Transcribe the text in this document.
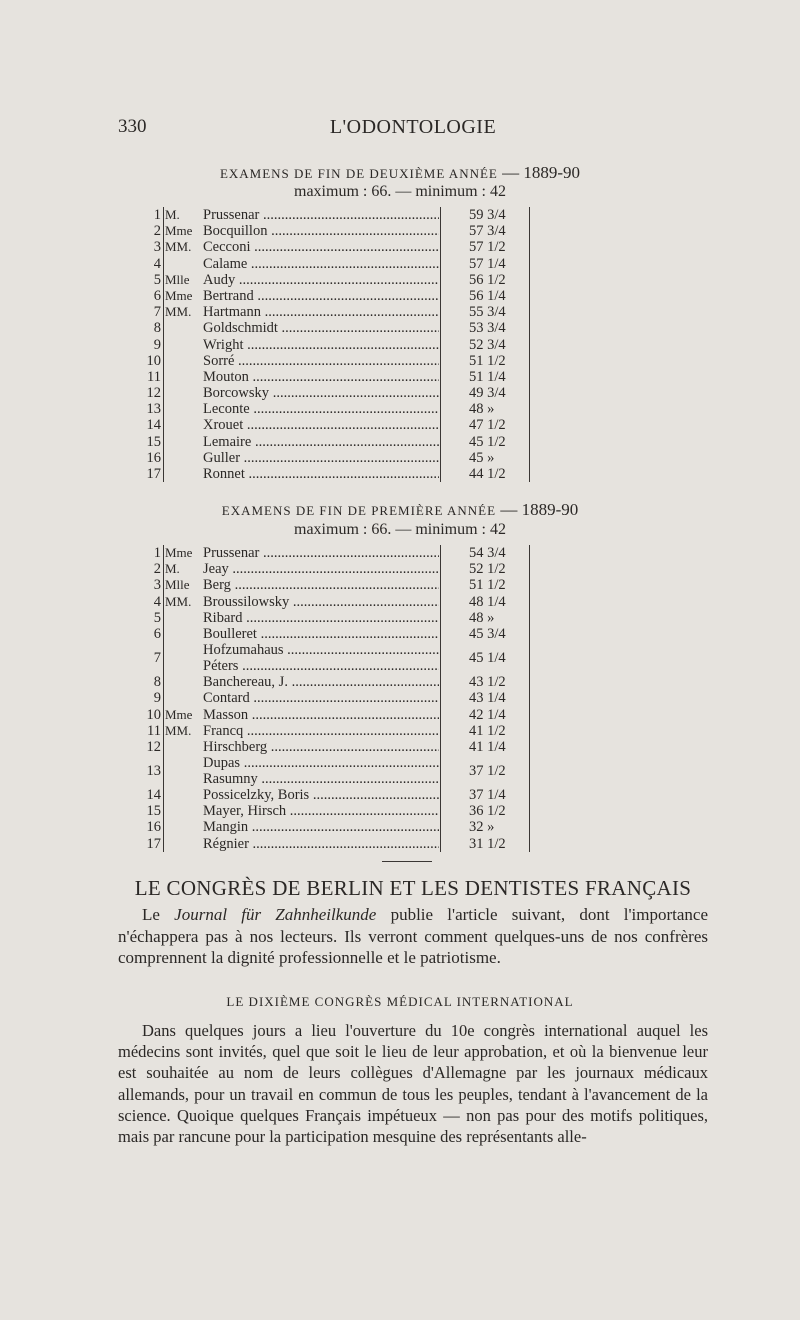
330	L'ODONTOLOGIE
EXAMENS DE FIN DE DEUXIÈME ANNÉE — 1889-90
maximum : 66. — minimum : 42
1 M.	Prussenar .....	59 3/4
2 Mme Bocquillon .....	57 3/4
3 MM. Cecconi .....	57 1/2
4	Calame .....	57 1/4
5 Mlle Audy .....	56 1/2
6 Mme Bertrand .....	56 1/4
7 MM. Hartmann .....	55 3/4
8	Goldschmidt .....	53 3/4
9	Wright .....	52 3/4
10	Sorré .....	51 1/2
11	Mouton .....	51 1/4
12	Borcowsky .....	49 3/4
13	Leconte .....	48 »
14	Xrouet .....	47 1/2
15	Lemaire .....	45 1/2
16	Guller .....	45 »
17	Ronnet .....	44 1/2
EXAMENS DE FIN DE PREMIÈRE ANNÉE — 1889-90
maximum : 66. — minimum : 42
1 Mme Prussenar .....	54 3/4
2 M.	Jeay .....	52 1/2
3 Mlle Berg .....	51 1/2
4 MM. Broussilowsky .....	48 1/4
5	Ribard .....	48 »
6	Boulleret .....	45 3/4
7	Hofzumahaus .....
Péters .....	45 1/4
8	Banchereau, J. .....	43 1/2
9	Contard .....	43 1/4
10 Mme Masson .....	42 1/4
11 MM. Francq .....	41 1/2
12	Hirschberg .....	41 1/4
13	Dupas .....
Rasumny .....	37 1/2
14	Possicelzky, Boris .....	37 1/4
15	Mayer, Hirsch .....	36 1/2
16	Mangin .....	32 »
17	Régnier .....	31 1/2
LE CONGRÈS DE BERLIN ET LES DENTISTES FRANÇAIS
Le Journal für Zahnheilkunde publie l'article suivant, dont l'importance n'échappera pas à nos lecteurs. Ils verront comment quelques-uns de nos confrères comprennent la dignité professionnelle et le patriotisme.
LE DIXIÈME CONGRÈS MÉDICAL INTERNATIONAL
Dans quelques jours a lieu l'ouverture du 10e congrès international auquel les médecins sont invités, quel que soit le lieu de leur approbation, et où la bienvenue leur est souhaitée au nom de leurs collègues d'Allemagne par les journaux médicaux allemands, pour un travail en commun de tous les peuples, tendant à l'avancement de la science. Quoique quelques Français impétueux — non pas pour des motifs politiques, mais par rancune pour la participation mesquine des représentants alle-
